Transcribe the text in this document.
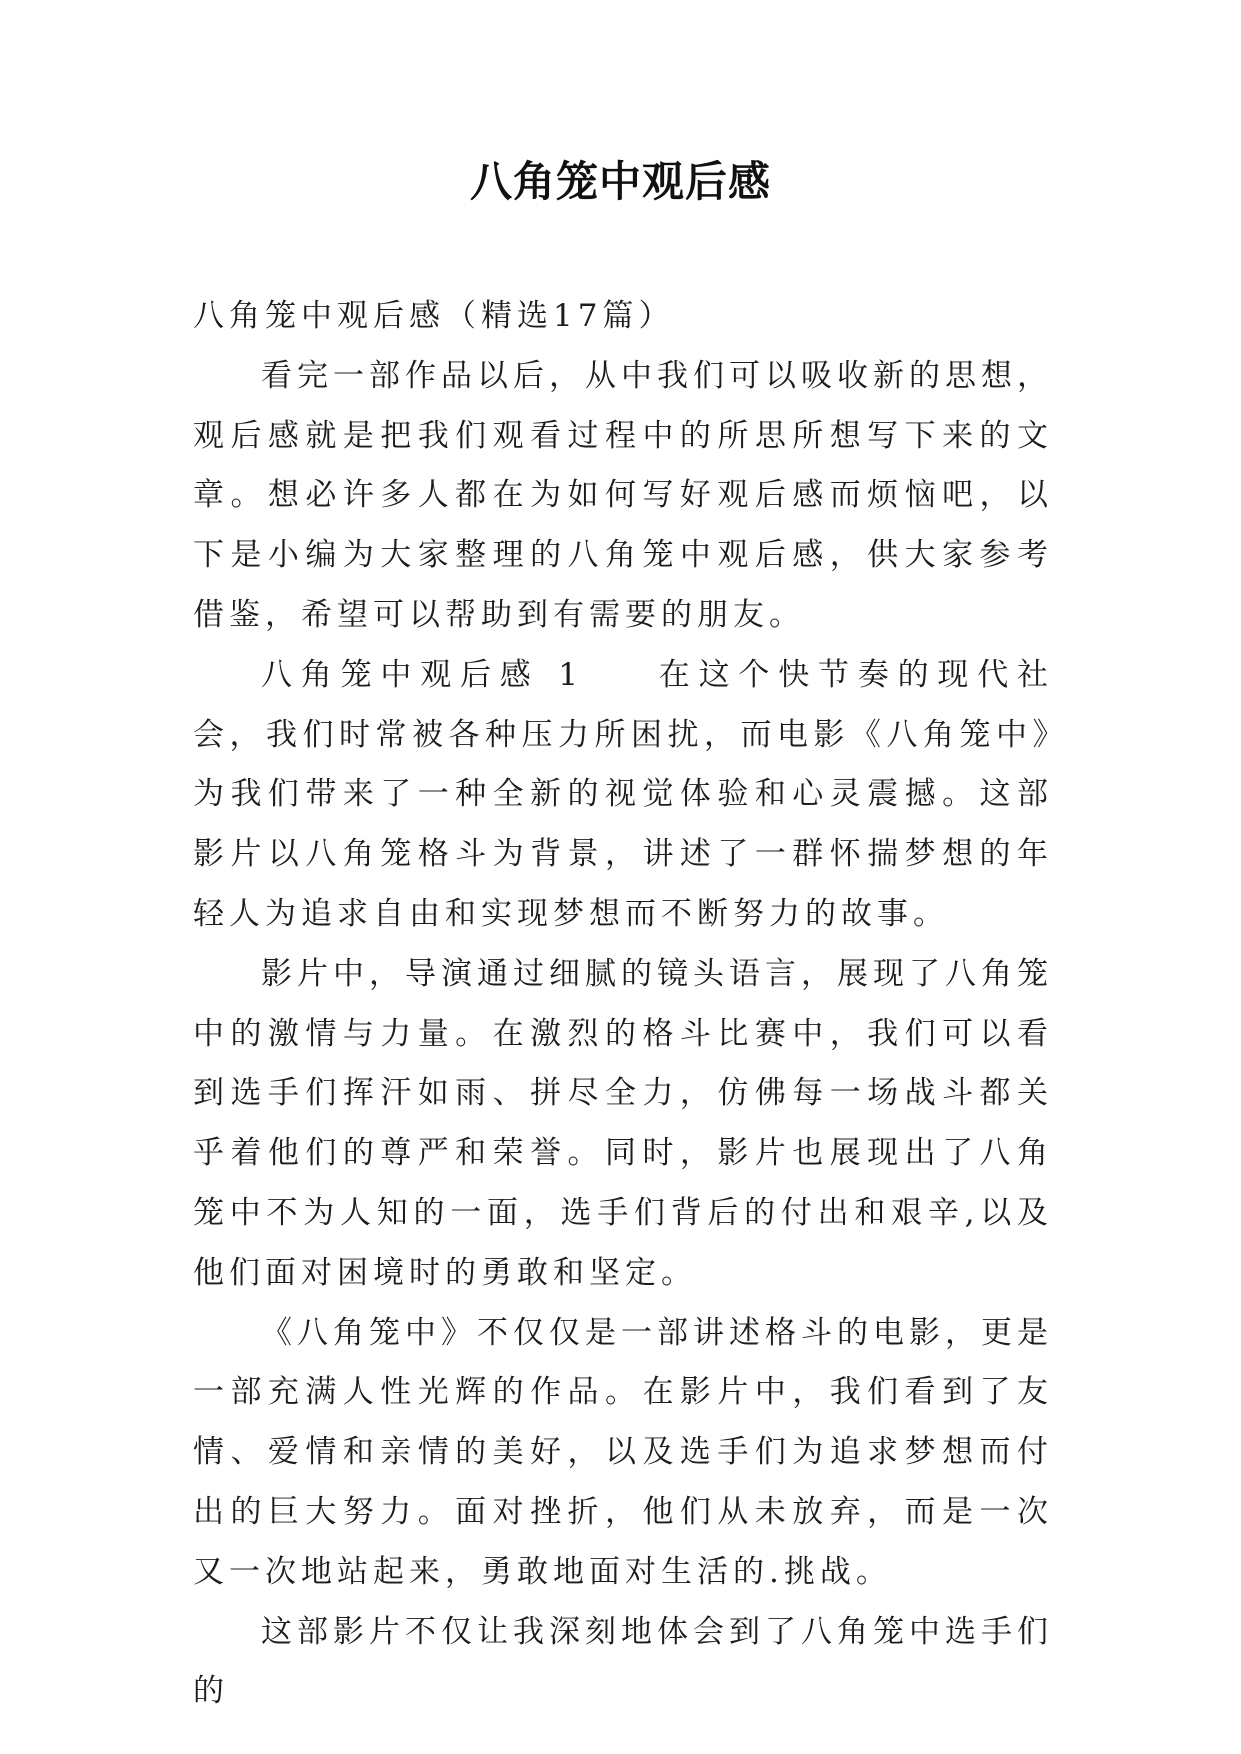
八角笼中观后感

八角笼中观后感（精选17篇）

看完一部作品以后，从中我们可以吸收新的思想，观后感就是把我们观看过程中的所思所想写下来的文章。想必许多人都在为如何写好观后感而烦恼吧，以下是小编为大家整理的八角笼中观后感，供大家参考借鉴，希望可以帮助到有需要的朋友。

八角笼中观后感 1 在这个快节奏的现代社会，我们时常被各种压力所困扰，而电影《八角笼中》为我们带来了一种全新的视觉体验和心灵震撼。这部影片以八角笼格斗为背景，讲述了一群怀揣梦想的年轻人为追求自由和实现梦想而不断努力的故事。

影片中，导演通过细腻的镜头语言，展现了八角笼中的激情与力量。在激烈的格斗比赛中，我们可以看到选手们挥汗如雨、拼尽全力，仿佛每一场战斗都关乎着他们的尊严和荣誉。同时，影片也展现出了八角笼中不为人知的一面，选手们背后的付出和艰辛,以及他们面对困境时的勇敢和坚定。

《八角笼中》不仅仅是一部讲述格斗的电影，更是一部充满人性光辉的作品。在影片中，我们看到了友情、爱情和亲情的美好，以及选手们为追求梦想而付出的巨大努力。面对挫折，他们从未放弃，而是一次又一次地站起来，勇敢地面对生活的.挑战。

这部影片不仅让我深刻地体会到了八角笼中选手们的
